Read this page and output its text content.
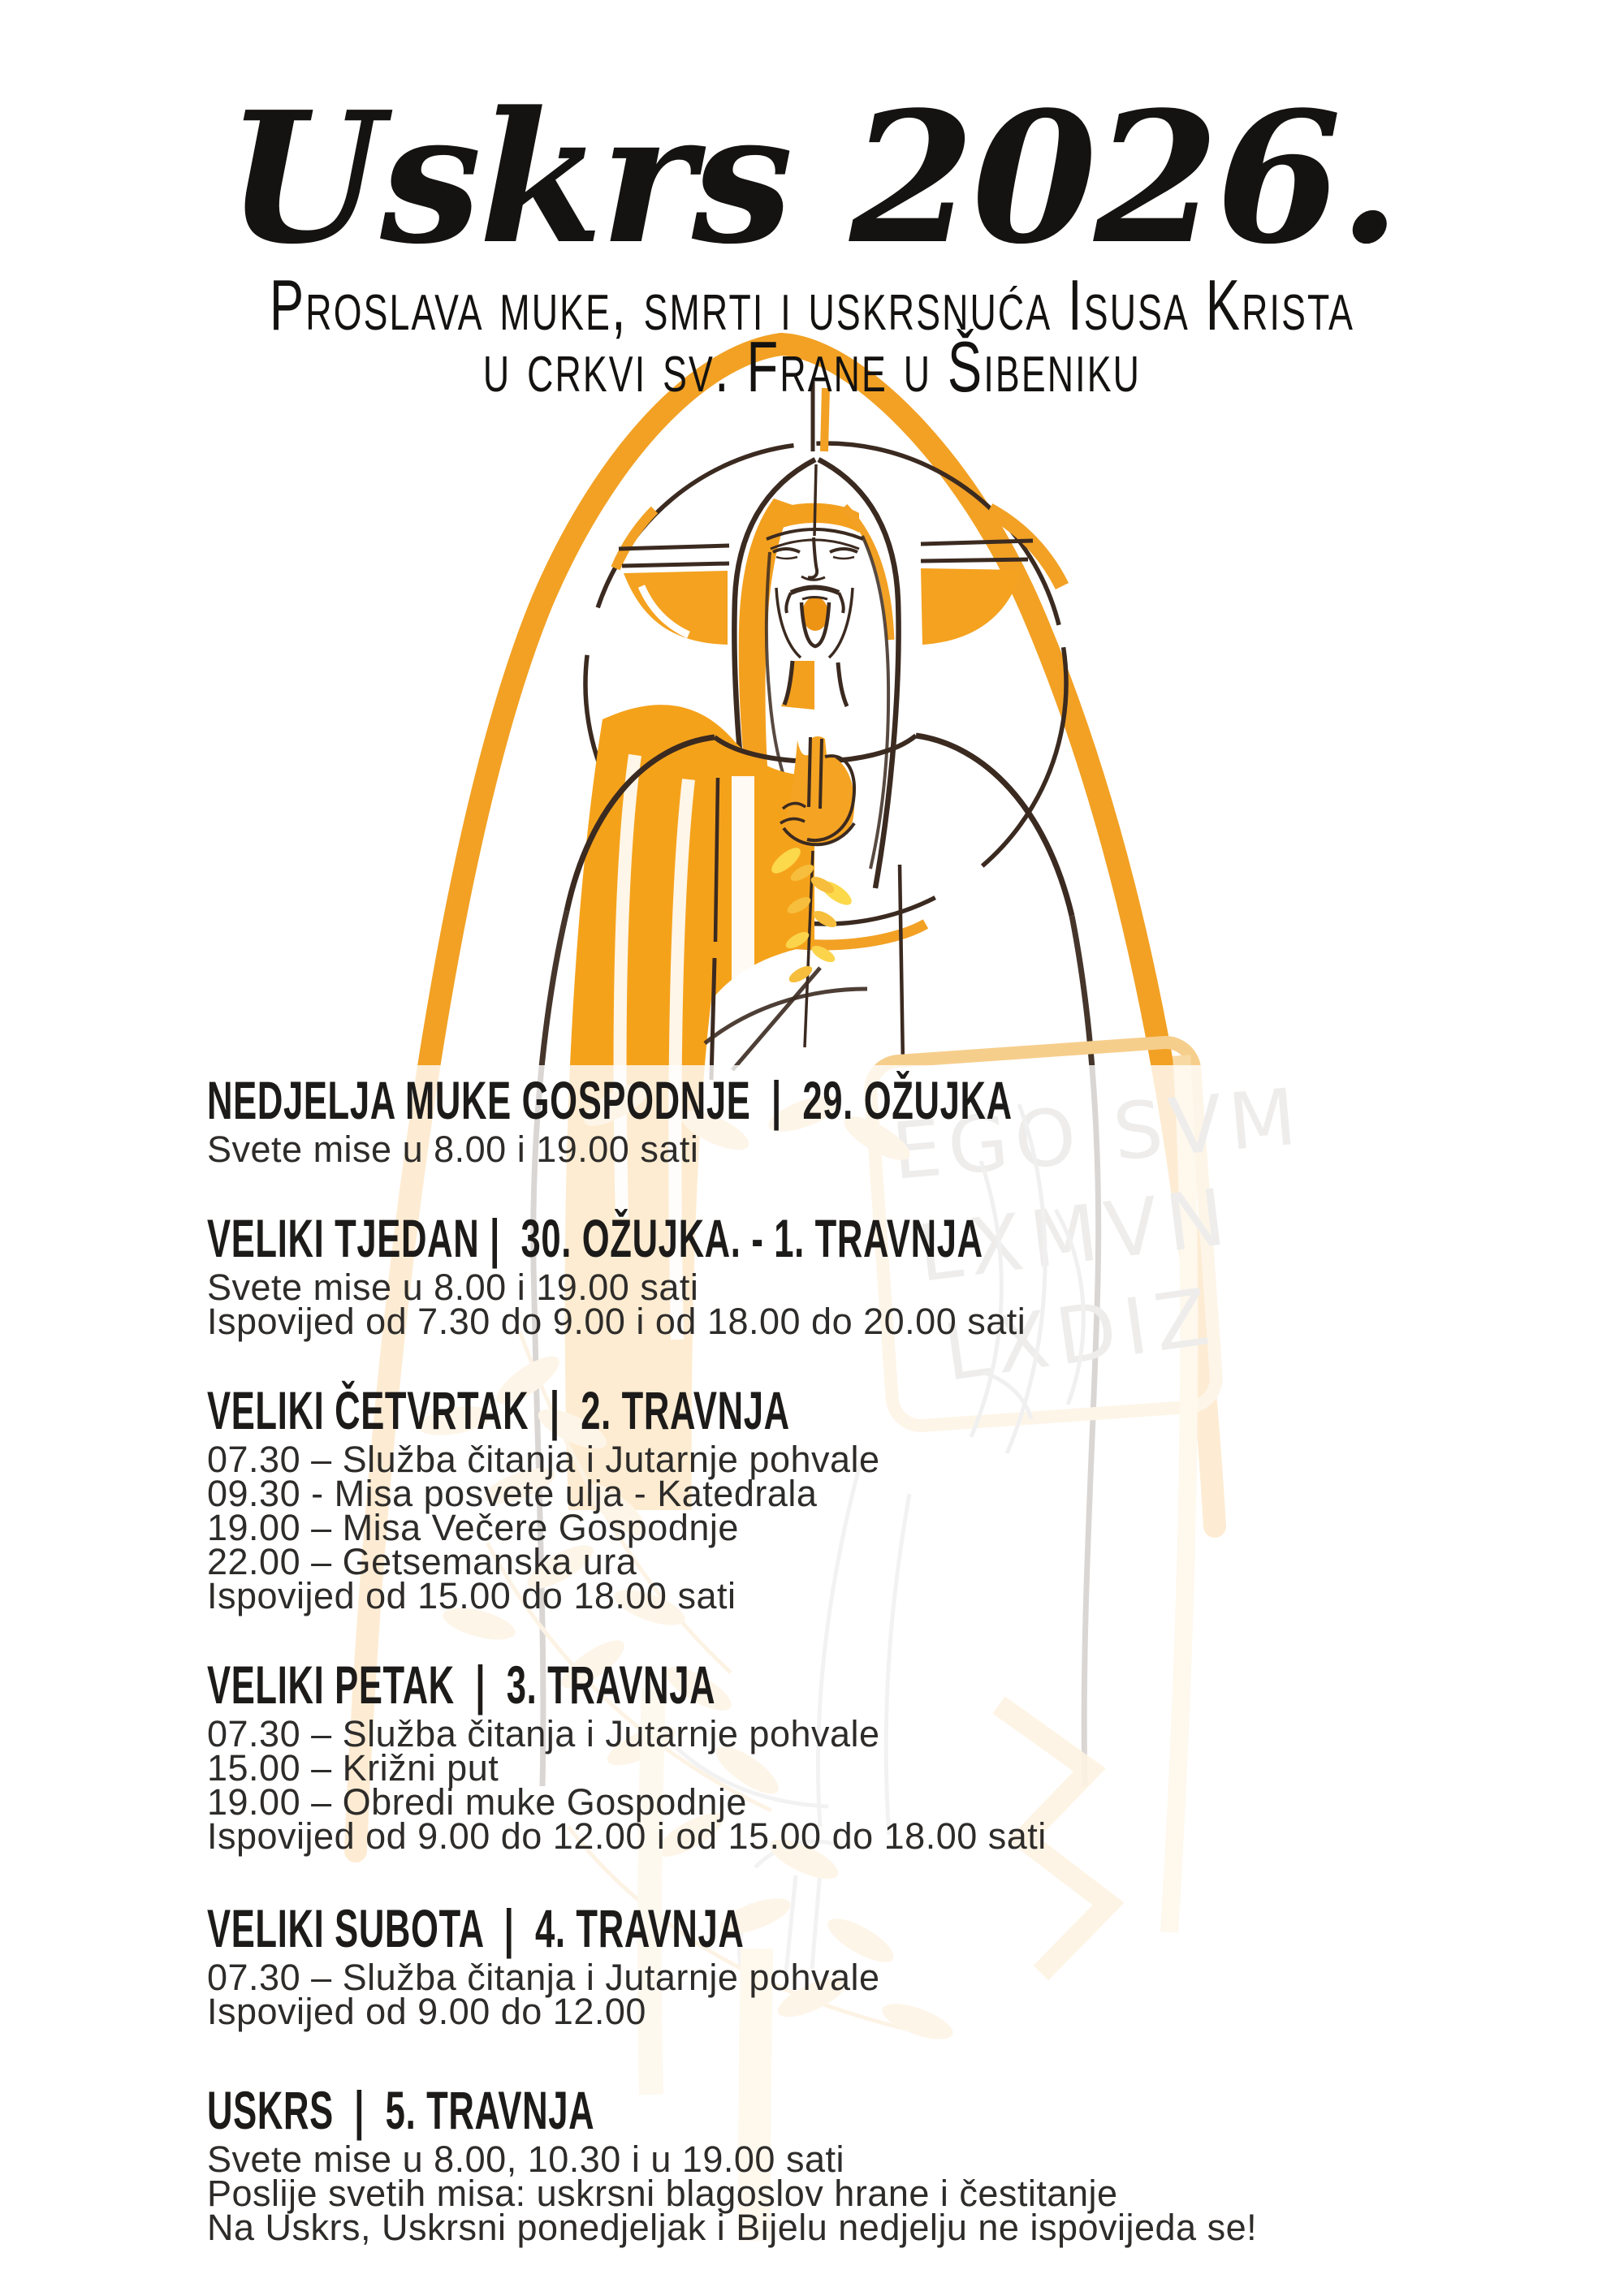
Uskrs 2026.
Proslava muke, smrti i uskrsnuća Isusa Krista
u crkvi sv. Frane u Šibeniku
NEDJELJA MUKE GOSPODNJE  |  29. OŽUJKA
Svete mise u 8.00 i 19.00 sati
VELIKI TJEDAN |  30. OŽUJKA. - 1. TRAVNJA
Svete mise u 8.00 i 19.00 sati
Ispovijed od 7.30 do 9.00 i od 18.00 do 20.00 sati
VELIKI ČETVRTAK  |  2. TRAVNJA
07.30 – Služba čitanja i Jutarnje pohvale
09.30 - Misa posvete ulja - Katedrala
19.00 – Misa Večere Gospodnje
22.00 – Getsemanska ura
Ispovijed od 15.00 do 18.00 sati
VELIKI PETAK  |  3. TRAVNJA
07.30 – Služba čitanja i Jutarnje pohvale
15.00 – Križni put
19.00 – Obredi muke Gospodnje
Ispovijed od 9.00 do 12.00 i od 15.00 do 18.00 sati
VELIKI SUBOTA  |  4. TRAVNJA
07.30 – Služba čitanja i Jutarnje pohvale
Ispovijed od 9.00 do 12.00
USKRS  |  5. TRAVNJA
Svete mise u 8.00, 10.30 i u 19.00 sati
Poslije svetih misa: uskrsni blagoslov hrane i čestitanje
Na Uskrs, Uskrsni ponedjeljak i Bijelu nedjelju ne ispovijeda se!
